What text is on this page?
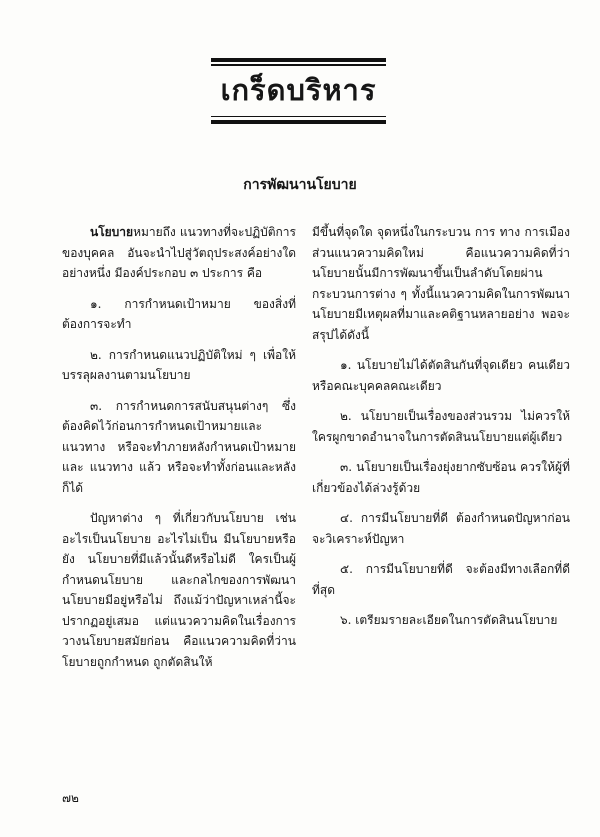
เกร็ดบริหาร
การพัฒนานโยบาย

นโยบายหมายถึง แนวทางที่จะปฏิบัติการของบุคคล อันจะนำไปสู่วัตถุประสงค์อย่างใดอย่างหนึ่ง มีองค์ประกอบ ๓ ประการ คือ

๑. การกำหนดเป้าหมาย ของสิ่งที่ต้องการจะทำ

๒. การกำหนดแนวปฏิบัติใหม่ ๆ เพื่อให้บรรลุผลงานตามนโยบาย

๓. การกำหนดการสนับสนุนต่างๆ ซึ่งต้องคิดไว้ก่อนการกำหนดเป้าหมายและแนวทาง หรือจะทำภายหลังกำหนดเป้าหมาย และ แนวทาง แล้ว หรือจะทำทั้งก่อนและหลังก็ได้

ปัญหาต่าง ๆ ที่เกี่ยวกับนโยบาย เช่น อะไรเป็นนโยบาย อะไรไม่เป็น มีนโยบายหรือยัง นโยบายที่มีแล้วนั้นดีหรือไม่ดี ใครเป็นผู้กำหนดนโยบาย และกลไกของการพัฒนานโยบายมีอยู่หรือไม่ ถึงแม้ว่าปัญหาเหล่านี้จะปรากฏอยู่เสมอ แต่แนวความคิดในเรื่องการวางนโยบายสมัยก่อน คือแนวความคิดที่ว่านโยบายถูกกำหนด ถูกตัดสินให้

มีขึ้นที่จุดใด จุดหนึ่งในกระบวน การ ทาง การเมือง ส่วนแนวความคิดใหม่ คือแนวความคิดที่ว่า นโยบายนั้นมีการพัฒนาขึ้นเป็นลำดับโดยผ่านกระบวนการต่าง ๆ ทั้งนี้แนวความคิดในการพัฒนานโยบายมีเหตุผลที่มาและคติฐานหลายอย่าง พอจะสรุปได้ดังนี้

๑. นโยบายไม่ได้ตัดสินกันที่จุดเดียว คนเดียว หรือคณะบุคคลคณะเดียว

๒. นโยบายเป็นเรื่องของส่วนรวม ไม่ควรให้ใครผูกขาดอำนาจในการตัดสินนโยบายแต่ผู้เดียว

๓. นโยบายเป็นเรื่องยุ่งยากซับซ้อน ควรให้ผู้ที่เกี่ยวข้องได้ล่วงรู้ด้วย

๔. การมีนโยบายที่ดี ต้องกำหนดปัญหาก่อนจะวิเคราะห์ปัญหา

๕. การมีนโยบายที่ดี จะต้องมีทางเลือกที่ดีที่สุด

๖. เตรียมรายละเอียดในการตัดสินนโยบาย

๗๒
